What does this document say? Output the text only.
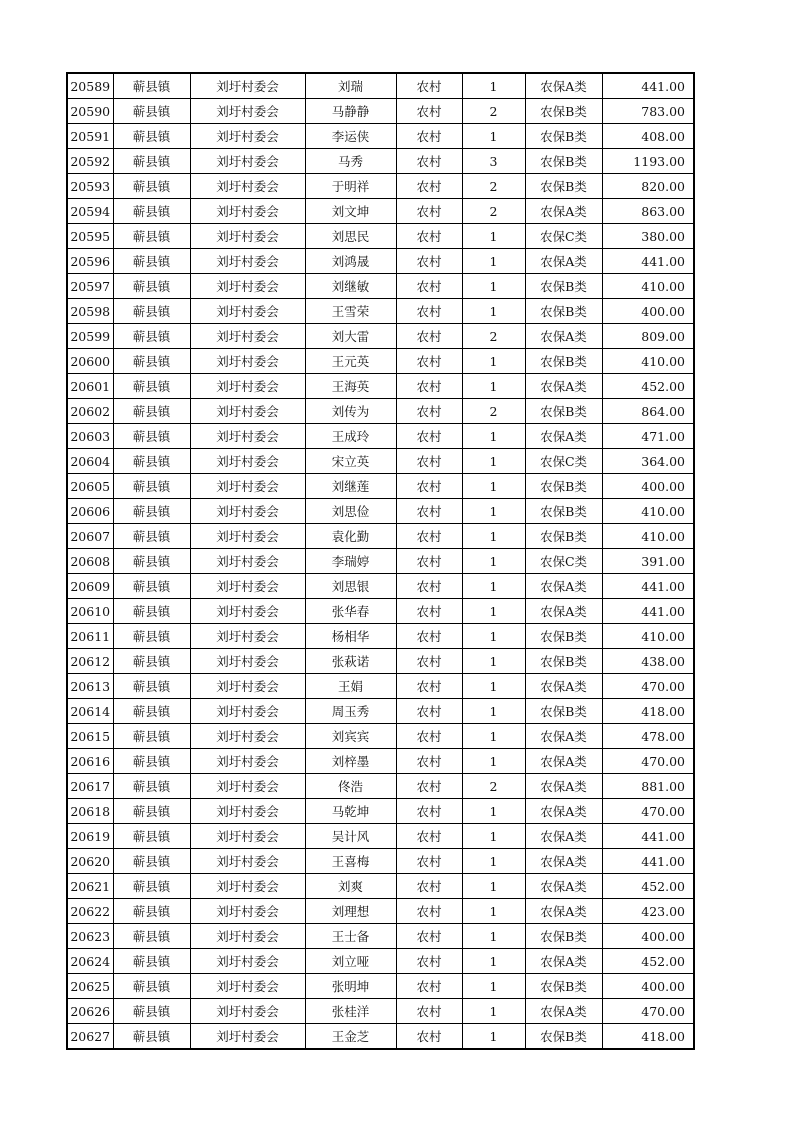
20589	蕲县镇	刘圩村委会	刘瑞	农村	1	农保A类	441.00
20590	蕲县镇	刘圩村委会	马静静	农村	2	农保B类	783.00
20591	蕲县镇	刘圩村委会	李运侠	农村	1	农保B类	408.00
20592	蕲县镇	刘圩村委会	马秀	农村	3	农保B类	1193.00
20593	蕲县镇	刘圩村委会	于明祥	农村	2	农保B类	820.00
20594	蕲县镇	刘圩村委会	刘文坤	农村	2	农保A类	863.00
20595	蕲县镇	刘圩村委会	刘思民	农村	1	农保C类	380.00
20596	蕲县镇	刘圩村委会	刘鸿晟	农村	1	农保A类	441.00
20597	蕲县镇	刘圩村委会	刘继敏	农村	1	农保B类	410.00
20598	蕲县镇	刘圩村委会	王雪荣	农村	1	农保B类	400.00
20599	蕲县镇	刘圩村委会	刘大雷	农村	2	农保A类	809.00
20600	蕲县镇	刘圩村委会	王元英	农村	1	农保B类	410.00
20601	蕲县镇	刘圩村委会	王海英	农村	1	农保A类	452.00
20602	蕲县镇	刘圩村委会	刘传为	农村	2	农保B类	864.00
20603	蕲县镇	刘圩村委会	王成玲	农村	1	农保A类	471.00
20604	蕲县镇	刘圩村委会	宋立英	农村	1	农保C类	364.00
20605	蕲县镇	刘圩村委会	刘继莲	农村	1	农保B类	400.00
20606	蕲县镇	刘圩村委会	刘思俭	农村	1	农保B类	410.00
20607	蕲县镇	刘圩村委会	袁化勤	农村	1	农保B类	410.00
20608	蕲县镇	刘圩村委会	李瑞婷	农村	1	农保C类	391.00
20609	蕲县镇	刘圩村委会	刘思银	农村	1	农保A类	441.00
20610	蕲县镇	刘圩村委会	张华春	农村	1	农保A类	441.00
20611	蕲县镇	刘圩村委会	杨相华	农村	1	农保B类	410.00
20612	蕲县镇	刘圩村委会	张萩诺	农村	1	农保B类	438.00
20613	蕲县镇	刘圩村委会	王娟	农村	1	农保A类	470.00
20614	蕲县镇	刘圩村委会	周玉秀	农村	1	农保B类	418.00
20615	蕲县镇	刘圩村委会	刘宾宾	农村	1	农保A类	478.00
20616	蕲县镇	刘圩村委会	刘梓墨	农村	1	农保A类	470.00
20617	蕲县镇	刘圩村委会	佟浩	农村	2	农保A类	881.00
20618	蕲县镇	刘圩村委会	马乾坤	农村	1	农保A类	470.00
20619	蕲县镇	刘圩村委会	吴计风	农村	1	农保A类	441.00
20620	蕲县镇	刘圩村委会	王喜梅	农村	1	农保A类	441.00
20621	蕲县镇	刘圩村委会	刘爽	农村	1	农保A类	452.00
20622	蕲县镇	刘圩村委会	刘理想	农村	1	农保A类	423.00
20623	蕲县镇	刘圩村委会	王士备	农村	1	农保B类	400.00
20624	蕲县镇	刘圩村委会	刘立哑	农村	1	农保A类	452.00
20625	蕲县镇	刘圩村委会	张明坤	农村	1	农保B类	400.00
20626	蕲县镇	刘圩村委会	张桂洋	农村	1	农保A类	470.00
20627	蕲县镇	刘圩村委会	王金芝	农村	1	农保B类	418.00
